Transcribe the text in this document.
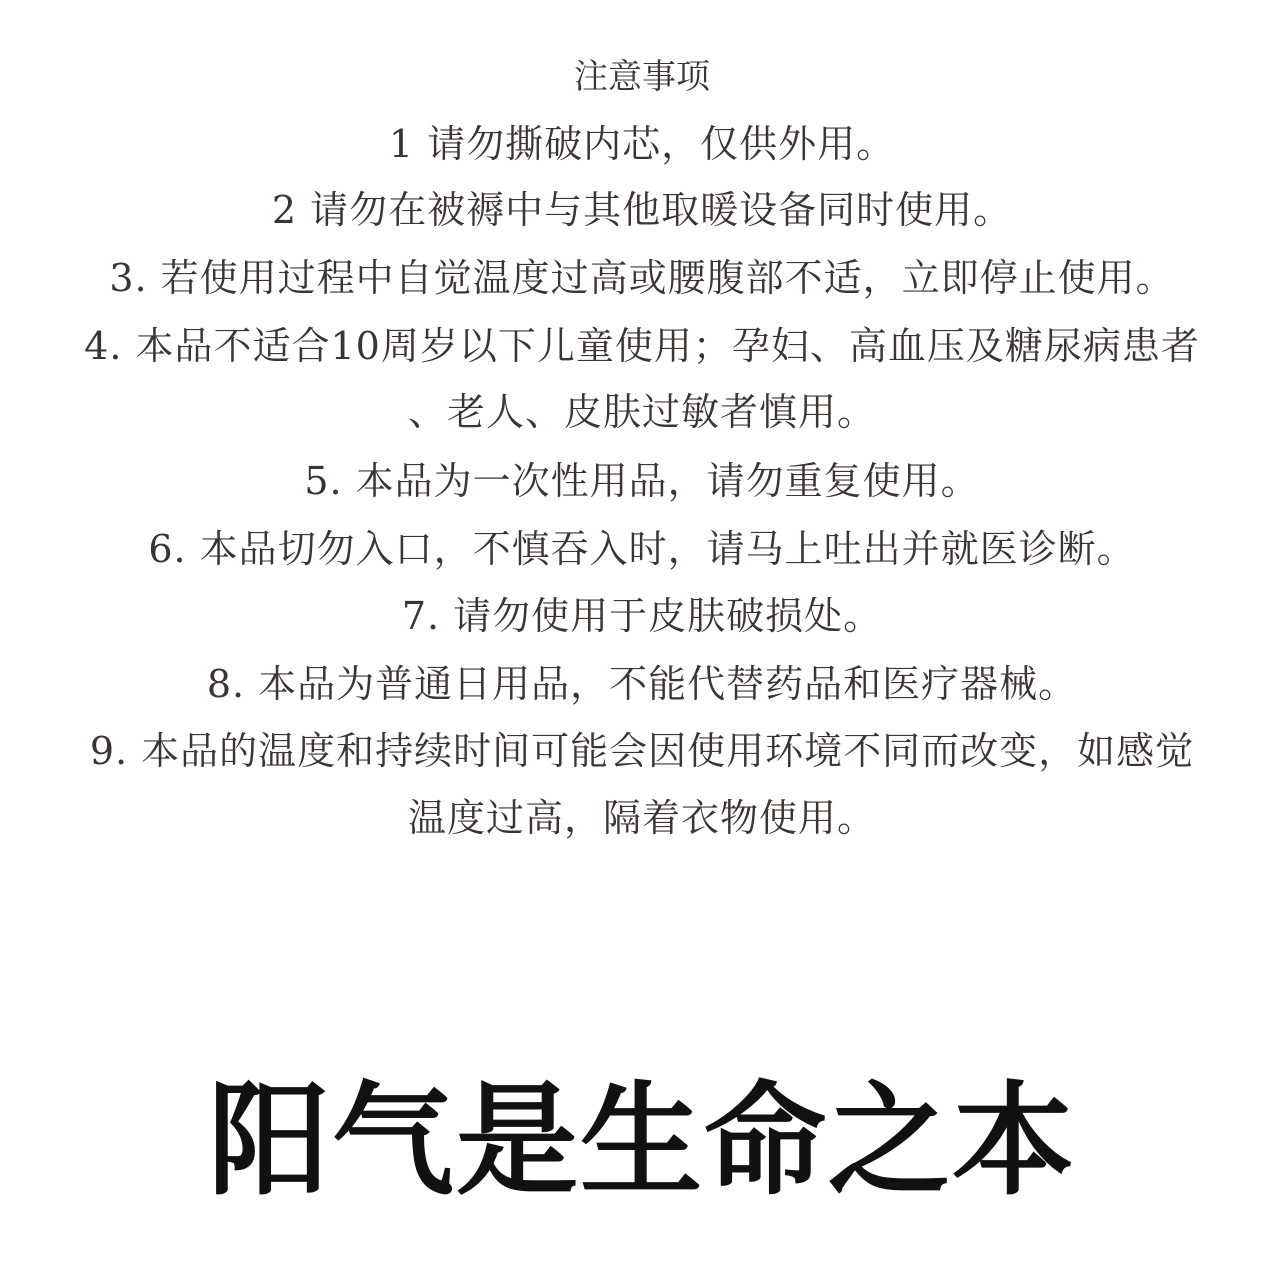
注意事项
1 请勿撕破内芯，仅供外用。
2 请勿在被褥中与其他取暖设备同时使用。
3. 若使用过程中自觉温度过高或腰腹部不适，立即停止使用。
4. 本品不适合10周岁以下儿童使用；孕妇、高血压及糖尿病患者
、老人、皮肤过敏者慎用。
5. 本品为一次性用品，请勿重复使用。
6. 本品切勿入口，不慎吞入时，请马上吐出并就医诊断。
7. 请勿使用于皮肤破损处。
8. 本品为普通日用品，不能代替药品和医疗器械。
9. 本品的温度和持续时间可能会因使用环境不同而改变，如感觉
温度过高，隔着衣物使用。
阳气是生命之本
